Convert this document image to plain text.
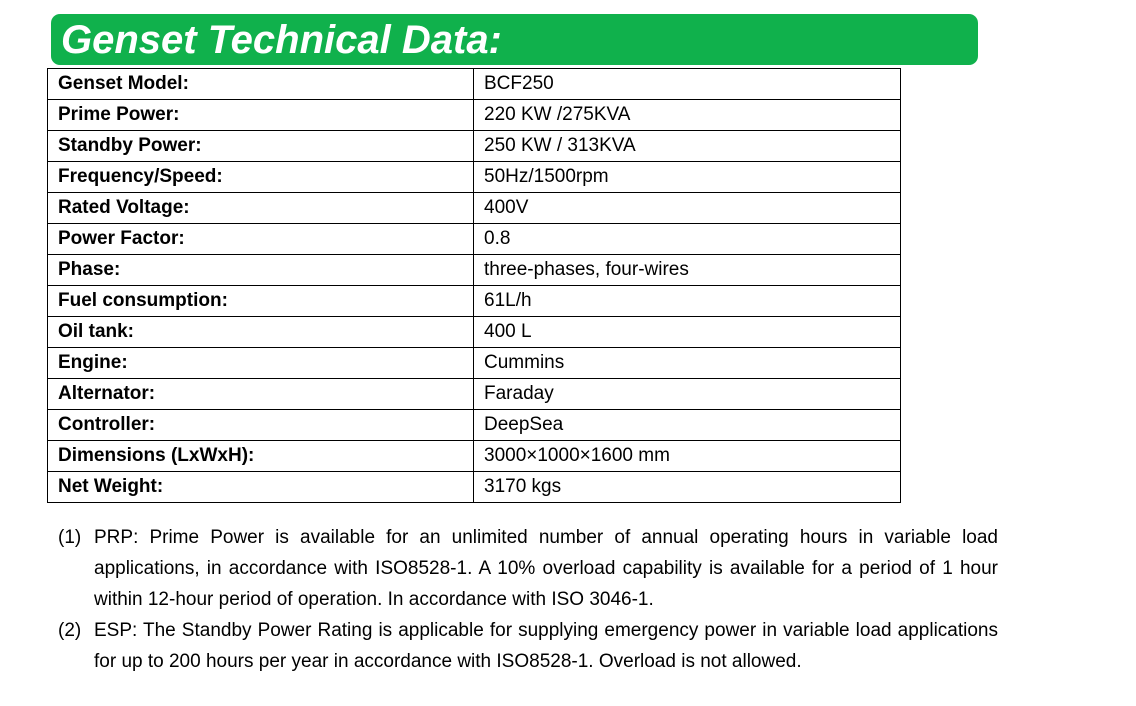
Genset Technical Data:
Genset Model:	BCF250
Prime Power:	220 KW /275KVA
Standby Power:	250 KW / 313KVA
Frequency/Speed:	50Hz/1500rpm
Rated Voltage:	400V
Power Factor:	0.8
Phase:	three-phases, four-wires
Fuel consumption:	61L/h
Oil tank:	400 L
Engine:	Cummins
Alternator:	Faraday
Controller:	DeepSea
Dimensions (LxWxH):	3000×1000×1600 mm
Net Weight:	3170 kgs
(1) PRP: Prime Power is available for an unlimited number of annual operating hours in variable load applications, in accordance with ISO8528-1. A 10% overload capability is available for a period of 1 hour within 12-hour period of operation. In accordance with ISO 3046-1.
(2) ESP: The Standby Power Rating is applicable for supplying emergency power in variable load applications for up to 200 hours per year in accordance with ISO8528-1. Overload is not allowed.
